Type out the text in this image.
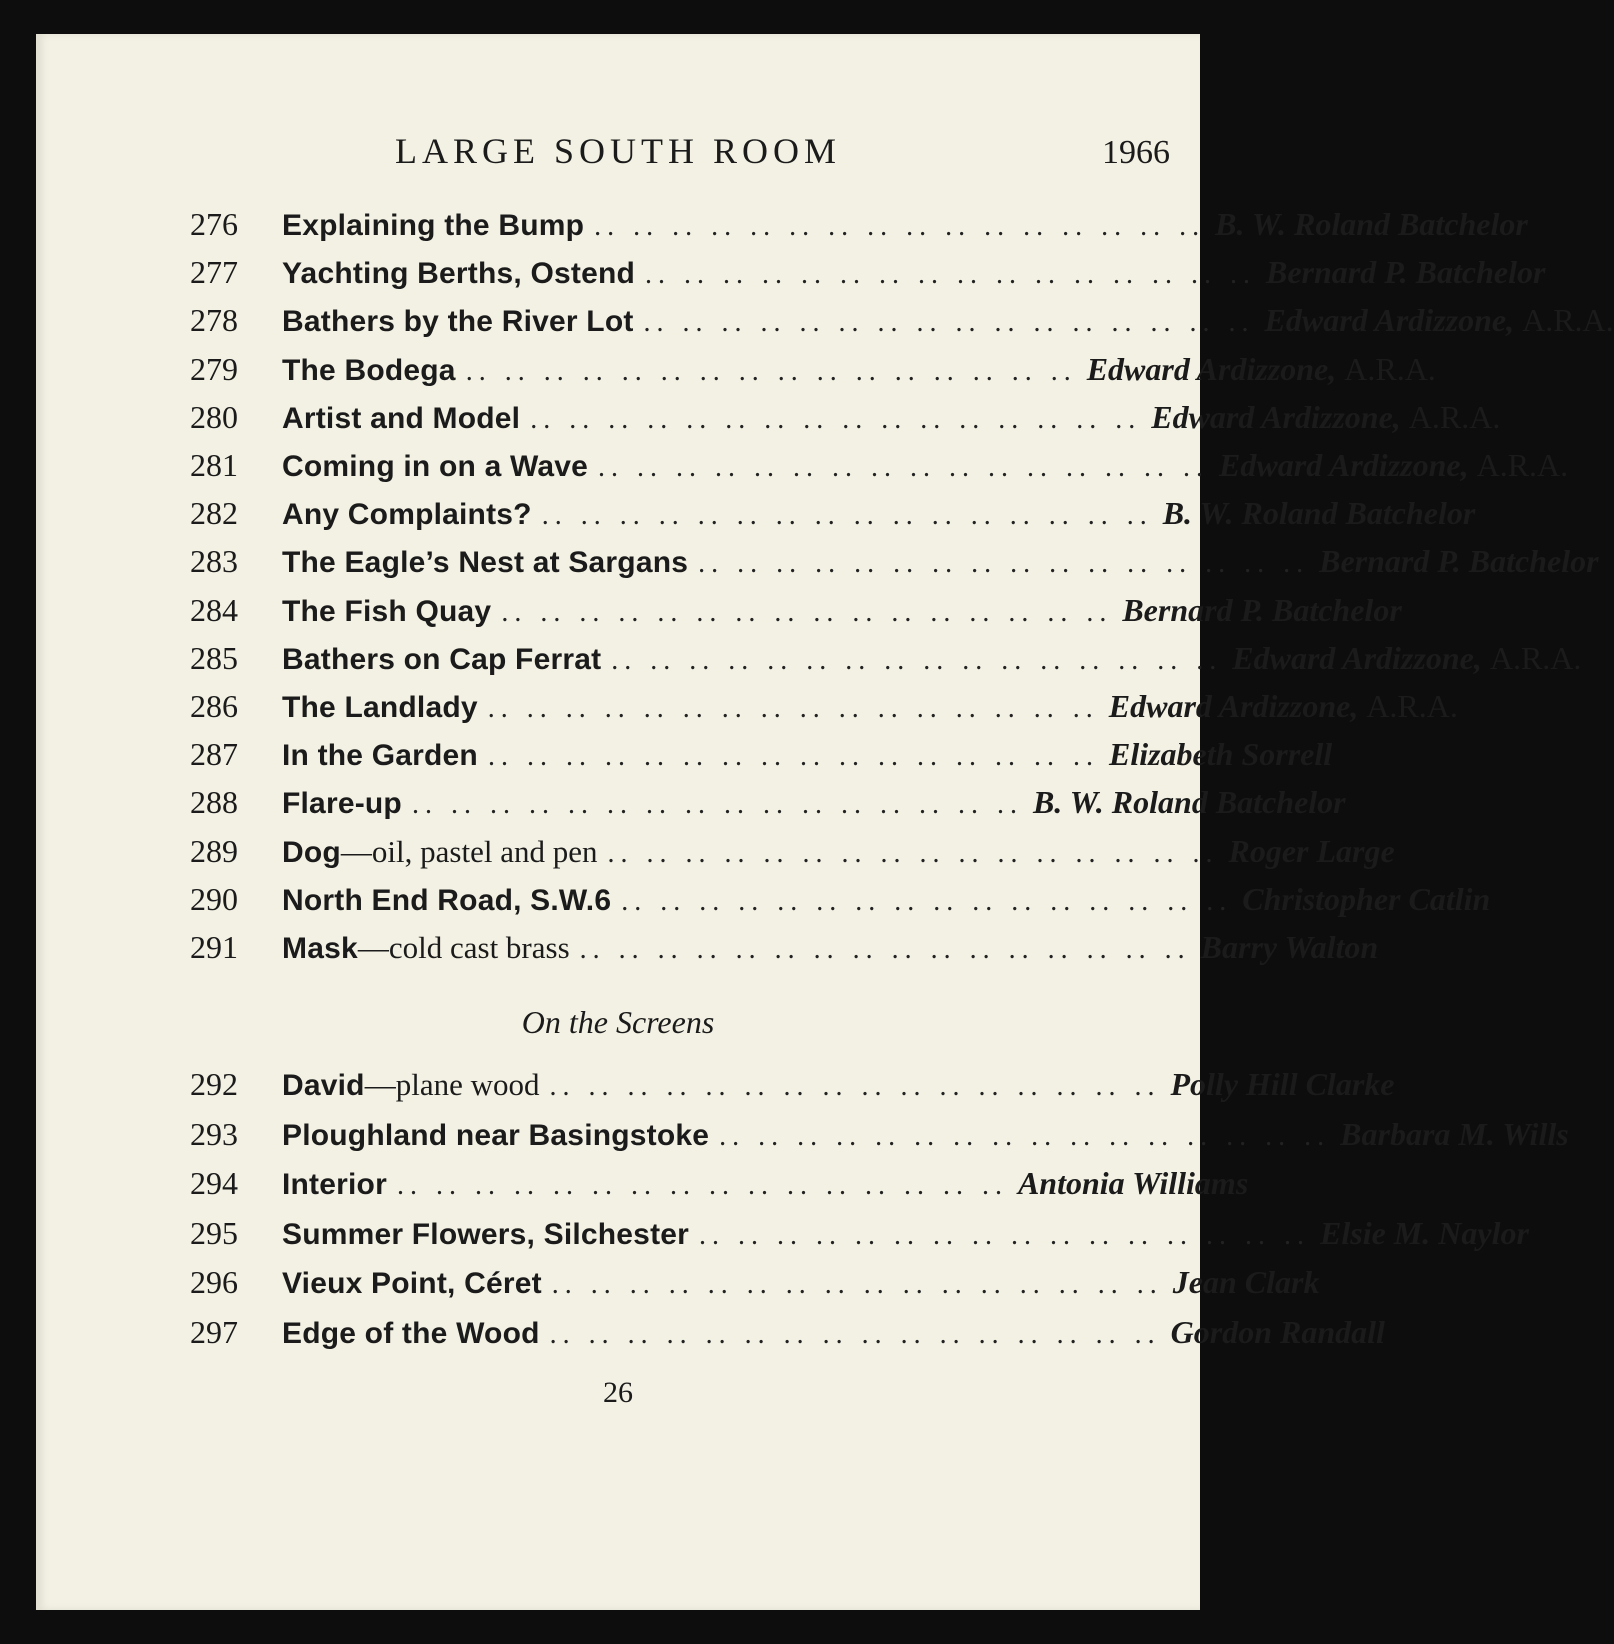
LARGE SOUTH ROOM	1966
276	Explaining the Bump .. .. .. .. .. .. .. .. .. .. .. .. .. .. .. .. B. W. Roland Batchelor
277	Yachting Berths, Ostend .. .. .. .. .. .. .. .. .. .. .. .. .. .. .. .. Bernard P. Batchelor
278	Bathers by the River Lot .. .. .. .. .. .. .. .. .. .. .. .. .. .. .. .. Edward Ardizzone, A.R.A.
279	The Bodega .. .. .. .. .. .. .. .. .. .. .. .. .. .. .. .. Edward Ardizzone, A.R.A.
280	Artist and Model .. .. .. .. .. .. .. .. .. .. .. .. .. .. .. .. Edward Ardizzone, A.R.A.
281	Coming in on a Wave .. .. .. .. .. .. .. .. .. .. .. .. .. .. .. .. Edward Ardizzone, A.R.A.
282	Any Complaints? .. .. .. .. .. .. .. .. .. .. .. .. .. .. .. .. B. W. Roland Batchelor
283	The Eagle’s Nest at Sargans .. .. .. .. .. .. .. .. .. .. .. .. .. .. .. .. Bernard P. Batchelor
284	The Fish Quay .. .. .. .. .. .. .. .. .. .. .. .. .. .. .. .. Bernard P. Batchelor
285	Bathers on Cap Ferrat .. .. .. .. .. .. .. .. .. .. .. .. .. .. .. .. Edward Ardizzone, A.R.A.
286	The Landlady .. .. .. .. .. .. .. .. .. .. .. .. .. .. .. .. Edward Ardizzone, A.R.A.
287	In the Garden .. .. .. .. .. .. .. .. .. .. .. .. .. .. .. .. Elizabeth Sorrell
288	Flare-up .. .. .. .. .. .. .. .. .. .. .. .. .. .. .. .. B. W. Roland Batchelor
289	Dog —oil, pastel and pen .. .. .. .. .. .. .. .. .. .. .. .. .. .. .. .. Roger Large
290	North End Road, S.W.6 .. .. .. .. .. .. .. .. .. .. .. .. .. .. .. .. Christopher Catlin
291	Mask —cold cast brass .. .. .. .. .. .. .. .. .. .. .. .. .. .. .. .. Barry Walton
On the Screens
292	David —plane wood .. .. .. .. .. .. .. .. .. .. .. .. .. .. .. .. Polly Hill Clarke
293	Ploughland near Basingstoke .. .. .. .. .. .. .. .. .. .. .. .. .. .. .. .. Barbara M. Wills
294	Interior .. .. .. .. .. .. .. .. .. .. .. .. .. .. .. .. Antonia Williams
295	Summer Flowers, Silchester .. .. .. .. .. .. .. .. .. .. .. .. .. .. .. .. Elsie M. Naylor
296	Vieux Point, Céret .. .. .. .. .. .. .. .. .. .. .. .. .. .. .. .. Jean Clark
297	Edge of the Wood .. .. .. .. .. .. .. .. .. .. .. .. .. .. .. .. Gordon Randall
26
